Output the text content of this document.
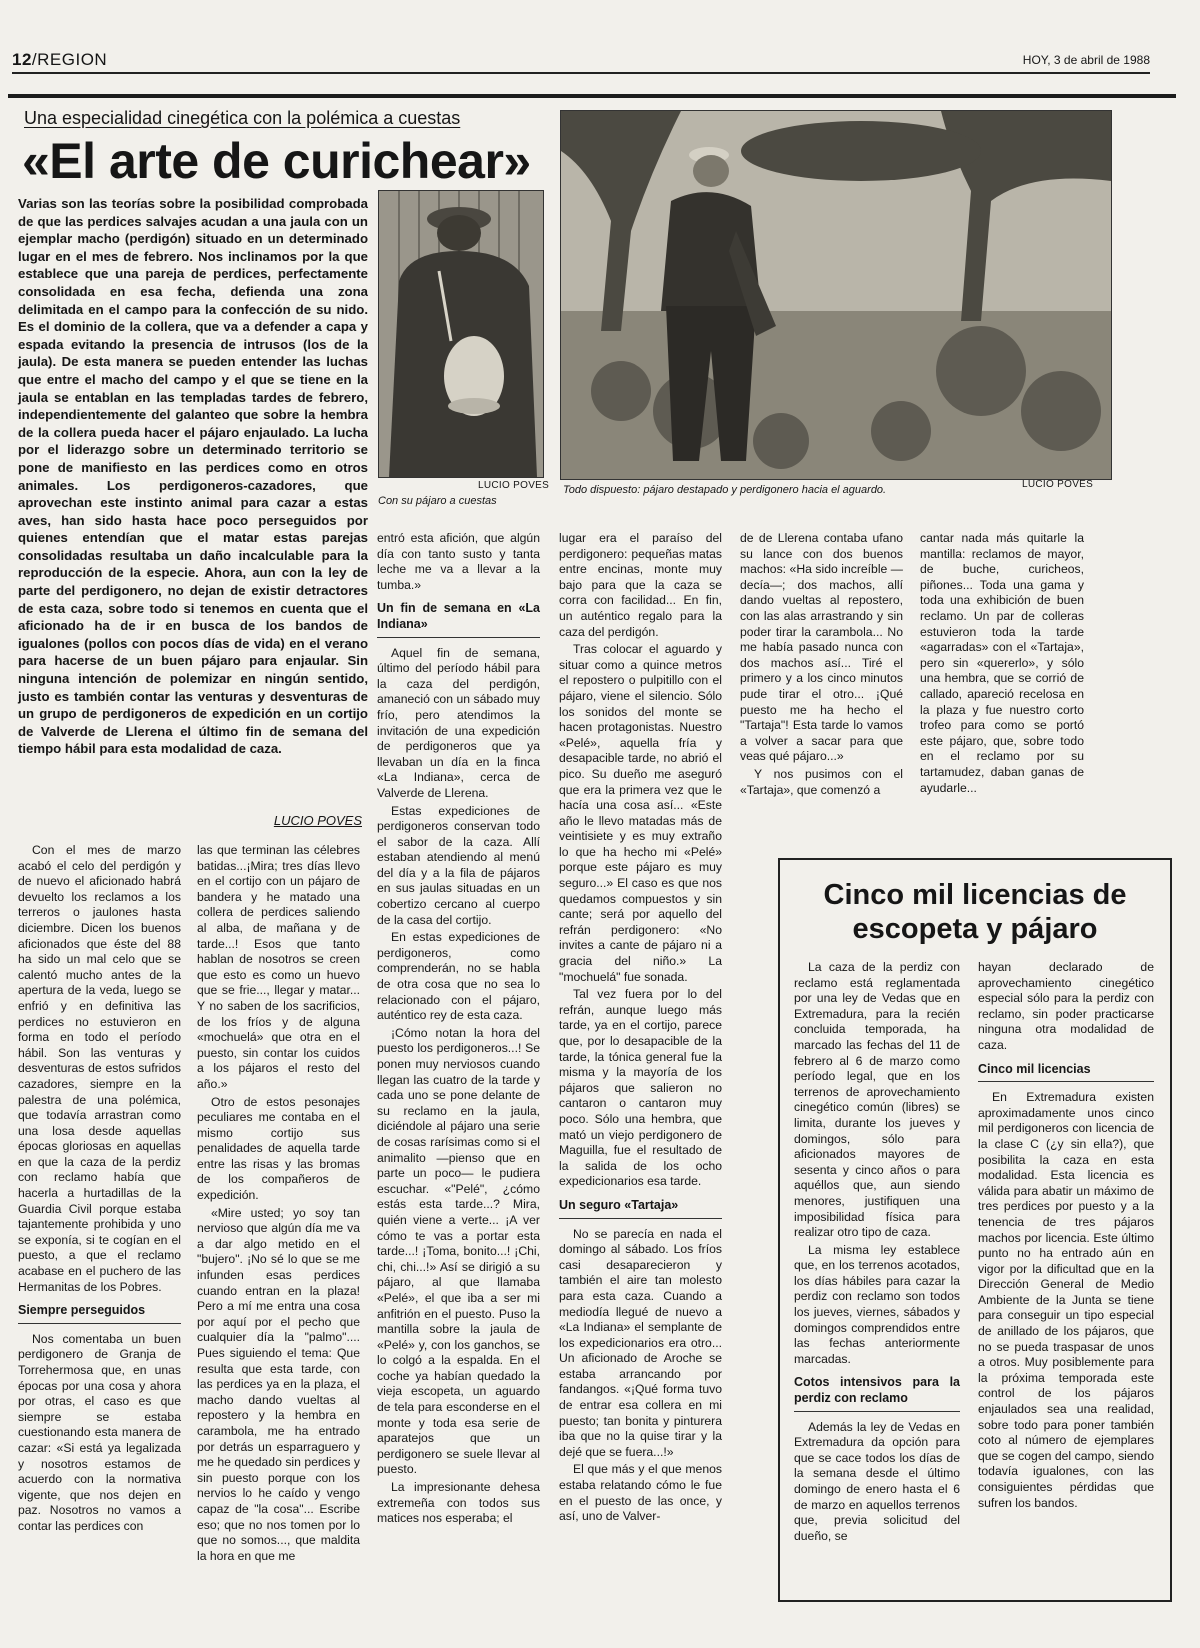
12/REGION	HOY, 3 de abril de 1988
Una especialidad cinegética con la polémica a cuestas
«El arte de curichear»

Varias son las teorías sobre la posibilidad comprobada de que las perdices salvajes acudan a una jaula con un ejemplar macho (perdigón) situado en un determinado lugar en el mes de febrero. Nos inclinamos por la que establece que una pareja de perdices, perfectamente consolidada en esa fecha, defienda una zona delimitada en el campo para la confección de su nido. Es el dominio de la collera, que va a defender a capa y espada evitando la presencia de intrusos (los de la jaula). De esta manera se pueden entender las luchas que entre el macho del campo y el que se tiene en la jaula se entablan en las templadas tardes de febrero, independientemente del galanteo que sobre la hembra de la collera pueda hacer el pájaro enjaulado. La lucha por el liderazgo sobre un determinado territorio se pone de manifiesto en las perdices como en otros animales. Los perdigoneros-cazadores, que aprovechan este instinto animal para cazar a estas aves, han sido hasta hace poco perseguidos por quienes entendían que el matar estas parejas consolidadas resultaba un daño incalculable para la reproducción de la especie. Ahora, aun con la ley de parte del perdigonero, no dejan de existir detractores de esta caza, sobre todo si tenemos en cuenta que el aficionado ha de ir en busca de los bandos de igualones (pollos con pocos días de vida) en el verano para hacerse de un buen pájaro para enjaular. Sin ninguna intención de polemizar en ningún sentido, justo es también contar las venturas y desventuras de un grupo de perdigoneros de expedición en un cortijo de Valverde de Llerena el último fin de semana del tiempo hábil para esta modalidad de caza.

LUCIO POVES
LUCIO POVES
Con su pájaro a cuestas
Todo dispuesto: pájaro destapado y perdigonero hacia el aguardo.	LUCIO POVES

Con el mes de marzo acabó el celo del perdigón y de nuevo el aficionado habrá devuelto los reclamos a los terreros o jaulones hasta diciembre. Dicen los buenos aficionados que éste del 88 ha sido un mal celo que se calentó mucho antes de la apertura de la veda, luego se enfrió y en definitiva las perdices no estuvieron en forma en todo el período hábil. Son las venturas y desventuras de estos sufridos cazadores, siempre en la palestra de una polémica, que todavía arrastran como una losa desde aquellas épocas gloriosas en aquellas en que la caza de la perdiz con reclamo había que hacerla a hurtadillas de la Guardia Civil porque estaba tajantemente prohibida y uno se exponía, si te cogían en el puesto, a que el reclamo acabase en el puchero de las Hermanitas de los Pobres.

Siempre perseguidos

Nos comentaba un buen perdigonero de Granja de Torrehermosa que, en unas épocas por una cosa y ahora por otras, el caso es que siempre se estaba cuestionando esta manera de cazar: «Si está ya legalizada y nosotros estamos de acuerdo con la normativa vigente, que nos dejen en paz. Nosotros no vamos a contar las perdices con

las que terminan las célebres batidas...¡Mira; tres días llevo en el cortijo con un pájaro de bandera y he matado una collera de perdices saliendo al alba, de mañana y de tarde...! Esos que tanto hablan de nosotros se creen que esto es como un huevo que se frie..., llegar y matar... Y no saben de los sacrificios, de los fríos y de alguna «mochuelá» que otra en el puesto, sin contar los cuidos a los pájaros el resto del año.»

Otro de estos pesonajes peculiares me contaba en el mismo cortijo sus penalidades de aquella tarde entre las risas y las bromas de los compañeros de expedición.

«Mire usted; yo soy tan nervioso que algún día me va a dar algo metido en el "bujero". ¡No sé lo que se me infunden esas perdices cuando entran en la plaza! Pero a mí me entra una cosa por aquí por el pecho que cualquier día la "palmo".... Pues siguiendo el tema: Que resulta que esta tarde, con las perdices ya en la plaza, el macho dando vueltas al repostero y la hembra en carambola, me ha entrado por detrás un esparraguero y me he quedado sin perdices y sin puesto porque con los nervios lo he caído y vengo capaz de "la cosa"... Escribe eso; que no nos tomen por lo que no somos..., que maldita la hora en que me

entró esta afición, que algún día con tanto susto y tanta leche me va a llevar a la tumba.»

Un fin de semana en «La Indiana»

Aquel fin de semana, último del período hábil para la caza del perdigón, amaneció con un sábado muy frío, pero atendimos la invitación de una expedición de perdigoneros que ya llevaban un día en la finca «La Indiana», cerca de Valverde de Llerena.

Estas expediciones de perdigoneros conservan todo el sabor de la caza. Allí estaban atendiendo al menú del día y a la fila de pájaros en sus jaulas situadas en un cobertizo cercano al cuerpo de la casa del cortijo.

En estas expediciones de perdigoneros, como comprenderán, no se habla de otra cosa que no sea lo relacionado con el pájaro, auténtico rey de esta caza.

¡Cómo notan la hora del puesto los perdigoneros...! Se ponen muy nerviosos cuando llegan las cuatro de la tarde y cada uno se pone delante de su reclamo en la jaula, diciéndole al pájaro una serie de cosas rarísimas como si el animalito —pienso que en parte un poco— le pudiera escuchar. «"Pelé", ¿cómo estás esta tarde...? Mira, quién viene a verte... ¡A ver cómo te vas a portar esta tarde...! ¡Toma, bonito...! ¡Chi, chi, chi...!» Así se dirigió a su pájaro, al que llamaba «Pelé», el que iba a ser mi anfitrión en el puesto. Puso la mantilla sobre la jaula de «Pelé» y, con los ganchos, se lo colgó a la espalda. En el coche ya habían quedado la vieja escopeta, un aguardo de tela para esconderse en el monte y toda esa serie de aparatejos que un perdigonero se suele llevar al puesto.

La impresionante dehesa extremeña con todos sus matices nos esperaba; el

lugar era el paraíso del perdigonero: pequeñas matas entre encinas, monte muy bajo para que la caza se corra con facilidad... En fin, un auténtico regalo para la caza del perdigón.

Tras colocar el aguardo y situar como a quince metros el repostero o pulpitillo con el pájaro, viene el silencio. Sólo los sonidos del monte se hacen protagonistas. Nuestro «Pelé», aquella fría y desapacible tarde, no abrió el pico. Su dueño me aseguró que era la primera vez que le hacía una cosa así... «Este año le llevo matadas más de veintisiete y es muy extraño lo que ha hecho mi «Pelé» porque este pájaro es muy seguro...» El caso es que nos quedamos compuestos y sin cante; será por aquello del refrán perdigonero: «No invites a cante de pájaro ni a gracia del niño.» La "mochuelá" fue sonada.

Tal vez fuera por lo del refrán, aunque luego más tarde, ya en el cortijo, parece que, por lo desapacible de la tarde, la tónica general fue la misma y la mayoría de los pájaros que salieron no cantaron o cantaron muy poco. Sólo una hembra, que mató un viejo perdigonero de Maguilla, fue el resultado de la salida de los ocho expedicionarios esa tarde.

Un seguro «Tartaja»

No se parecía en nada el domingo al sábado. Los fríos casi desaparecieron y también el aire tan molesto para esta caza. Cuando a mediodía llegué de nuevo a «La Indiana» el semplante de los expedicionarios era otro... Un aficionado de Aroche se estaba arrancando por fandangos. «¡Qué forma tuvo de entrar esa collera en mi puesto; tan bonita y pinturera iba que no la quise tirar y la dejé que se fuera...!»

El que más y el que menos estaba relatando cómo le fue en el puesto de las once, y así, uno de Valver-

de de Llerena contaba ufano su lance con dos buenos machos: «Ha sido increíble —decía—; dos machos, allí dando vueltas al repostero, con las alas arrastrando y sin poder tirar la carambola... No me había pasado nunca con dos machos así... Tiré el primero y a los cinco minutos pude tirar el otro... ¡Qué puesto me ha hecho el "Tartaja"! Esta tarde lo vamos a volver a sacar para que veas qué pájaro...»

Y nos pusimos con el «Tartaja», que comenzó a

cantar nada más quitarle la mantilla: reclamos de mayor, de buche, curicheos, piñones... Toda una gama y toda una exhibición de buen reclamo. Un par de colleras estuvieron toda la tarde «agarradas» con el «Tartaja», pero sin «quererlo», y sólo una hembra, que se corrió de callado, apareció recelosa en la plaza y fue nuestro corto trofeo para como se portó este pájaro, que, sobre todo en el reclamo por su tartamudez, daban ganas de ayudarle...

Cinco mil licencias de escopeta y pájaro

La caza de la perdiz con reclamo está reglamentada por una ley de Vedas que en Extremadura, para la recién concluida temporada, ha marcado las fechas del 11 de febrero al 6 de marzo como período legal, que en los terrenos de aprovechamiento cinegético común (libres) se limita, durante los jueves y domingos, sólo para aficionados mayores de sesenta y cinco años o para aquéllos que, aun siendo menores, justifiquen una imposibilidad física para realizar otro tipo de caza.

La misma ley establece que, en los terrenos acotados, los días hábiles para cazar la perdiz con reclamo son todos los jueves, viernes, sábados y domingos comprendidos entre las fechas anteriormente marcadas.

Cotos intensivos para la perdiz con reclamo

Además la ley de Vedas en Extremadura da opción para que se cace todos los días de la semana desde el último domingo de enero hasta el 6 de marzo en aquellos terrenos que, previa solicitud del dueño, se

hayan declarado de aprovechamiento cinegético especial sólo para la perdiz con reclamo, sin poder practicarse ninguna otra modalidad de caza.

Cinco mil licencias

En Extremadura existen aproximadamente unos cinco mil perdigoneros con licencia de la clase C (¿y sin ella?), que posibilita la caza en esta modalidad. Esta licencia es válida para abatir un máximo de tres perdices por puesto y a la tenencia de tres pájaros machos por licencia. Este último punto no ha entrado aún en vigor por la dificultad que en la Dirección General de Medio Ambiente de la Junta se tiene para conseguir un tipo especial de anillado de los pájaros, que no se pueda traspasar de unos a otros. Muy posiblemente para la próxima temporada este control de los pájaros enjaulados sea una realidad, sobre todo para poner también coto al número de ejemplares que se cogen del campo, siendo todavía igualones, con las consiguientes pérdidas que sufren los bandos.
